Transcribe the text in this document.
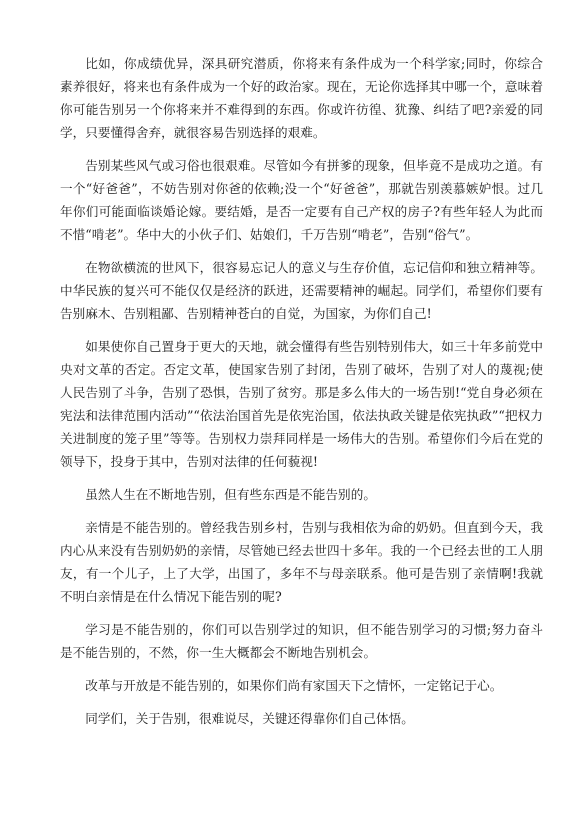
比如，你成绩优异，深具研究潜质，你将来有条件成为一个科学家;同时，你综合素养很好，将来也有条件成为一个好的政治家。现在，无论你选择其中哪一个，意味着你可能告别另一个你将来并不难得到的东西。你或许彷徨、犹豫、纠结了吧?亲爱的同学，只要懂得舍弃，就很容易告别选择的艰难。

告别某些风气或习俗也很艰难。尽管如今有拼爹的现象，但毕竟不是成功之道。有一个“好爸爸”，不妨告别对你爸的依赖;没一个“好爸爸”，那就告别羡慕嫉妒恨。过几年你们可能面临谈婚论嫁。要结婚，是否一定要有自己产权的房子?有些年轻人为此而不惜“啃老”。华中大的小伙子们、姑娘们，千万告别“啃老”，告别“俗气”。

在物欲横流的世风下，很容易忘记人的意义与生存价值，忘记信仰和独立精神等。中华民族的复兴可不能仅仅是经济的跃进，还需要精神的崛起。同学们，希望你们要有告别麻木、告别粗鄙、告别精神苍白的自觉，为国家，为你们自己!

如果使你自己置身于更大的天地，就会懂得有些告别特别伟大，如三十年多前党中央对文革的否定。否定文革，使国家告别了封闭，告别了破坏，告别了对人的蔑视;使人民告别了斗争，告别了恐惧，告别了贫穷。那是多么伟大的一场告别!“党自身必须在宪法和法律范围内活动”“依法治国首先是依宪治国，依法执政关键是依宪执政”“把权力关进制度的笼子里”等等。告别权力崇拜同样是一场伟大的告别。希望你们今后在党的领导下，投身于其中，告别对法律的任何藐视!

虽然人生在不断地告别，但有些东西是不能告别的。

亲情是不能告别的。曾经我告别乡村，告别与我相依为命的奶奶。但直到今天，我内心从来没有告别奶奶的亲情，尽管她已经去世四十多年。我的一个已经去世的工人朋友，有一个儿子，上了大学，出国了，多年不与母亲联系。他可是告别了亲情啊!我就不明白亲情是在什么情况下能告别的呢?

学习是不能告别的，你们可以告别学过的知识，但不能告别学习的习惯;努力奋斗是不能告别的，不然，你一生大概都会不断地告别机会。

改革与开放是不能告别的，如果你们尚有家国天下之情怀，一定铭记于心。

同学们，关于告别，很难说尽，关键还得靠你们自己体悟。
